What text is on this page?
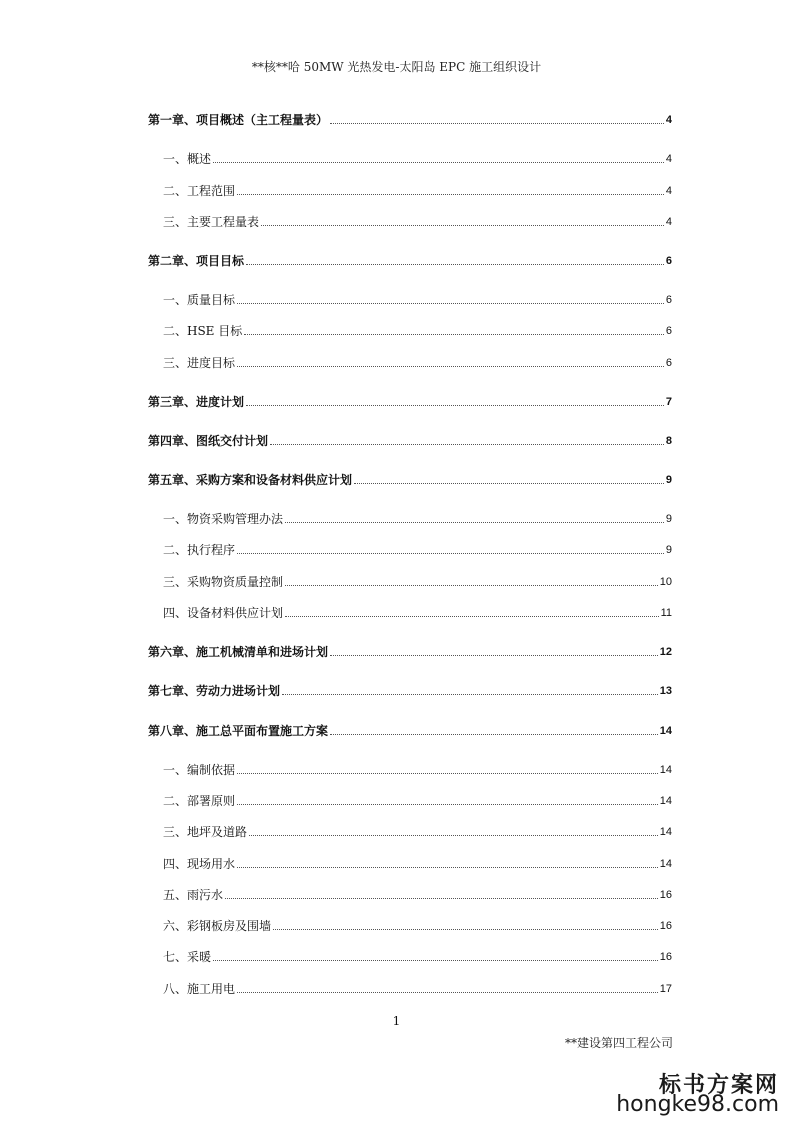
**核**哈 50MW 光热发电-太阳岛 EPC 施工组织设计
第一章、项目概述（主工程量表）	4
一、概述	4
二、工程范围	4
三、主要工程量表	4
第二章、项目目标	6
一、质量目标	6
二、HSE 目标	6
三、进度目标	6
第三章、进度计划	7
第四章、图纸交付计划	8
第五章、采购方案和设备材料供应计划	9
一、物资采购管理办法	9
二、执行程序	9
三、采购物资质量控制	10
四、设备材料供应计划	11
第六章、施工机械清单和进场计划	12
第七章、劳动力进场计划	13
第八章、施工总平面布置施工方案	14
一、编制依据	14
二、部署原则	14
三、地坪及道路	14
四、现场用水	14
五、雨污水	16
六、彩钢板房及围墙	16
七、采暖	16
八、施工用电	17
1
**建设第四工程公司
标书方案网
hongke98.com
